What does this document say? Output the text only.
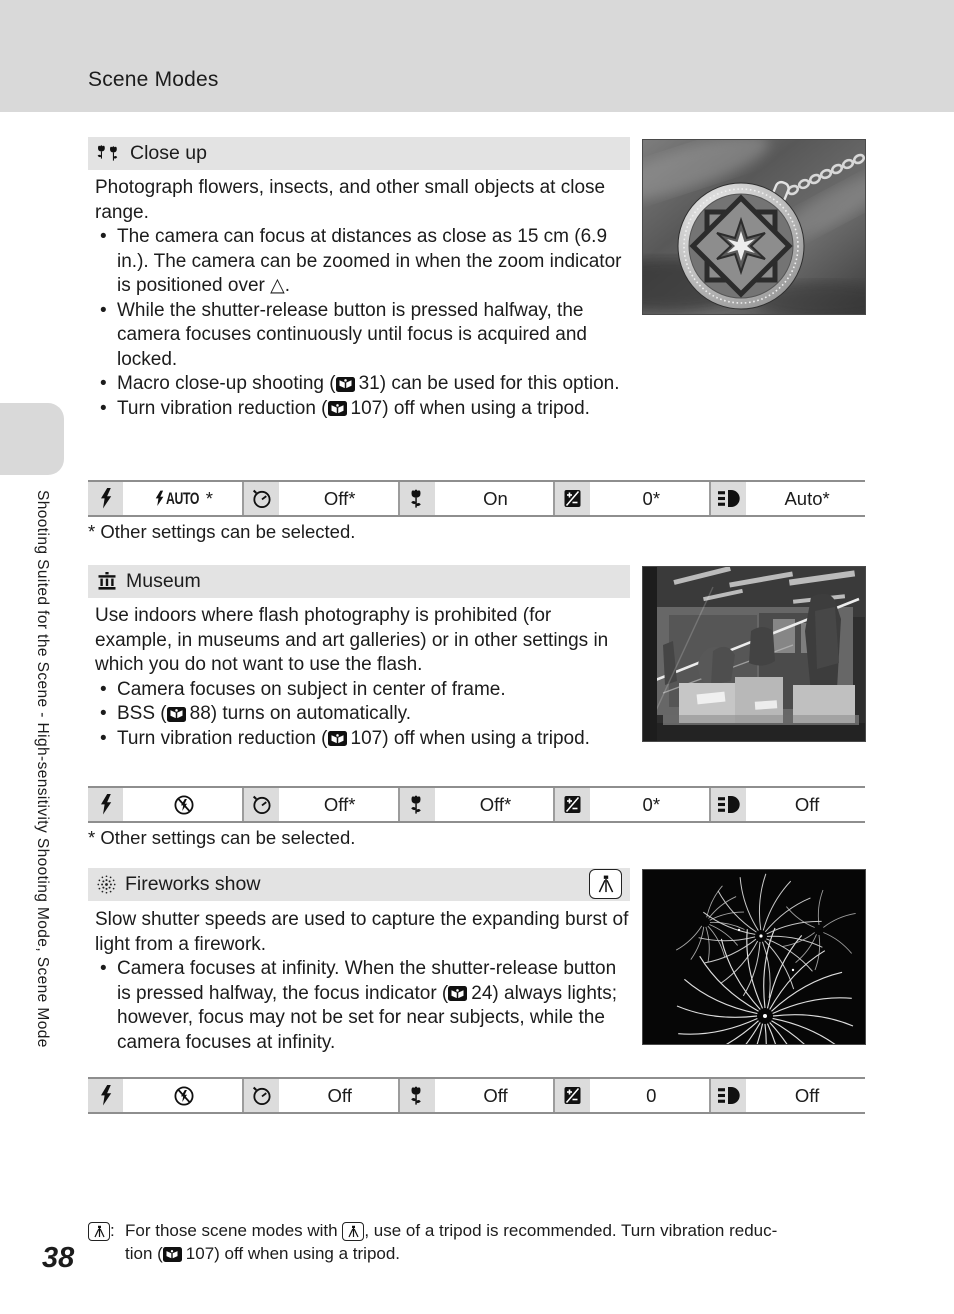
Scene Modes
Shooting Suited for the Scene - High-sensitivity Shooting Mode, Scene Mode
38
Close up

Photograph flowers, insects, and other small objects at close range.

• The camera can focus at distances as close as 15 cm (6.9 in.). The camera can be zoomed in when the zoom indicator is positioned over △.
• While the shutter-release button is pressed halfway, the camera focuses continuously until focus is acquired and locked.
• Macro close-up shooting ( 31) can be used for this option.
• Turn vibration reduction ( 107) off when using a tripod.
AUTO *	Off*	On	0*	Auto*
* Other settings can be selected.
Museum

Use indoors where flash photography is prohibited (for example, in museums and art galleries) or in other settings in which you do not want to use the flash.

• Camera focuses on subject in center of frame.
• BSS ( 88) turns on automatically.
• Turn vibration reduction ( 107) off when using a tripod.
Off*	Off*	0*	Off
* Other settings can be selected.
Fireworks show

Slow shutter speeds are used to capture the expanding burst of light from a firework.

• Camera focuses at infinity. When the shutter-release button is pressed halfway, the focus indicator ( 24) always lights; however, focus may not be set for near subjects, while the camera focuses at infinity.
Off	Off	0	Off
: For those scene modes with , use of a tripod is recommended. Turn vibration reduc-
tion ( 107) off when using a tripod.
